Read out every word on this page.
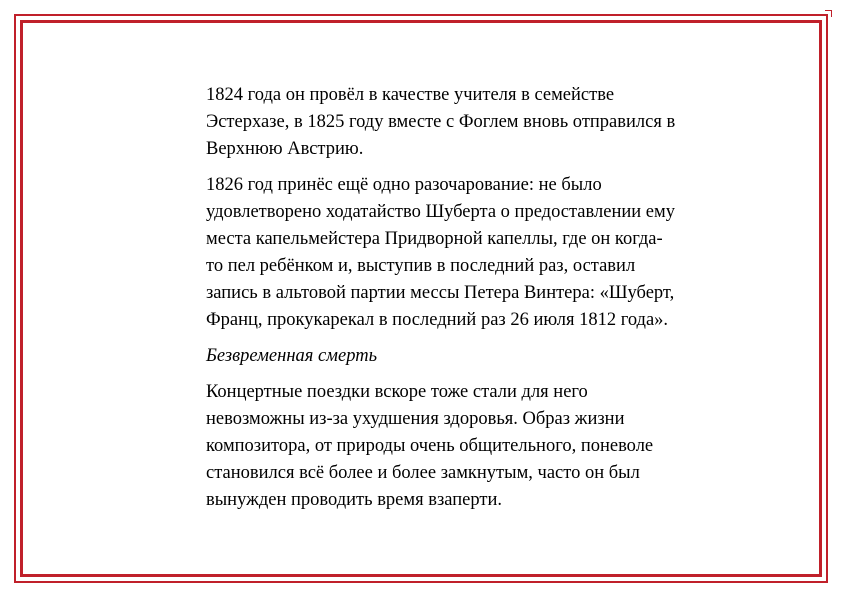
1824 года он провёл в качестве учителя в семействе
Эстерхазе, в 1825 году вместе с Фоглем вновь отправился в
Верхнюю Австрию.

1826 год принёс ещё одно разочарование: не было
удовлетворено ходатайство Шуберта о предоставлении ему
места капельмейстера Придворной капеллы, где он когда-
то пел ребёнком и, выступив в последний раз, оставил
запись в альтовой партии мессы Петера Винтера: «Шуберт,
Франц, прокукарекал в последний раз 26 июля 1812 года».

Безвременная смерть

Концертные поездки вскоре тоже стали для него
невозможны из-за ухудшения здоровья. Образ жизни
композитора, от природы очень общительного, поневоле
становился всё более и более замкнутым, часто он был
вынужден проводить время взаперти.
